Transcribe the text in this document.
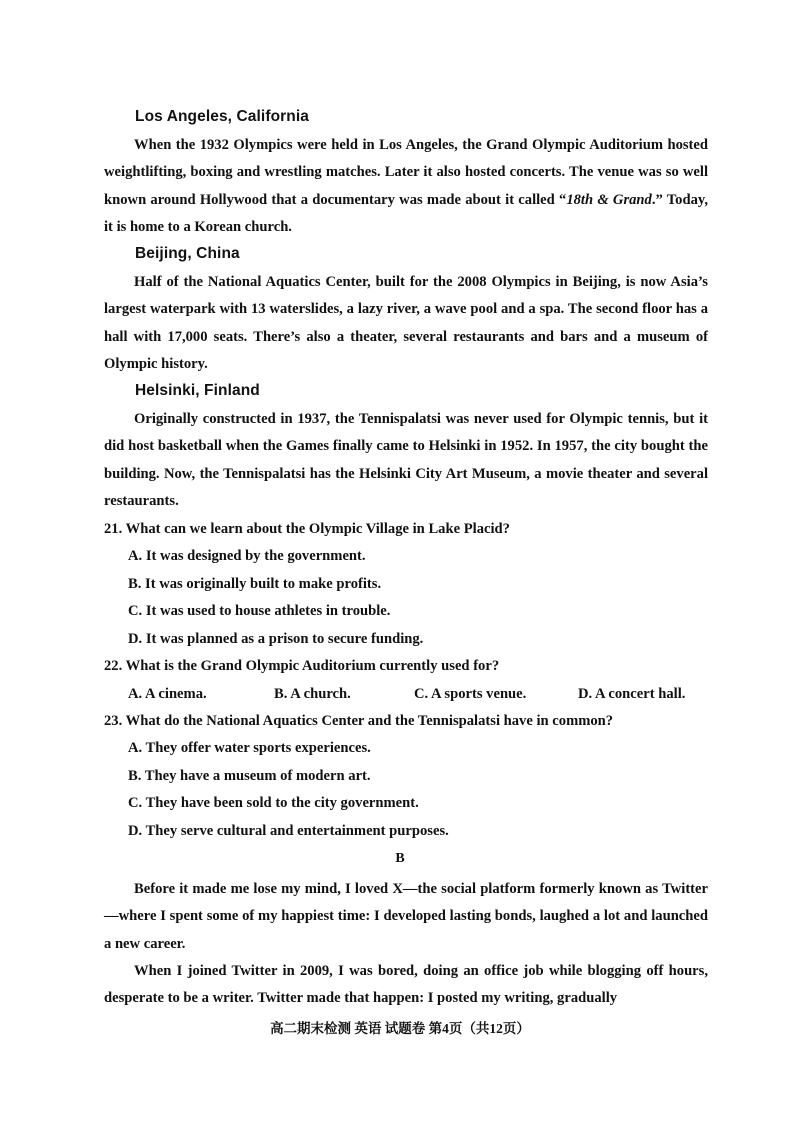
Los Angeles, California
When the 1932 Olympics were held in Los Angeles, the Grand Olympic Auditorium hosted weightlifting, boxing and wrestling matches. Later it also hosted concerts. The venue was so well known around Hollywood that a documentary was made about it called “18th & Grand.” Today, it is home to a Korean church.
Beijing, China
Half of the National Aquatics Center, built for the 2008 Olympics in Beijing, is now Asia’s largest waterpark with 13 waterslides, a lazy river, a wave pool and a spa. The second floor has a hall with 17,000 seats. There’s also a theater, several restaurants and bars and a museum of Olympic history.
Helsinki, Finland
Originally constructed in 1937, the Tennispalatsi was never used for Olympic tennis, but it did host basketball when the Games finally came to Helsinki in 1952. In 1957, the city bought the building. Now, the Tennispalatsi has the Helsinki City Art Museum, a movie theater and several restaurants.
21. What can we learn about the Olympic Village in Lake Placid?
A. It was designed by the government.
B. It was originally built to make profits.
C. It was used to house athletes in trouble.
D. It was planned as a prison to secure funding.
22. What is the Grand Olympic Auditorium currently used for?
A. A cinema.	B. A church.	C. A sports venue.	D. A concert hall.
23. What do the National Aquatics Center and the Tennispalatsi have in common?
A. They offer water sports experiences.
B. They have a museum of modern art.
C. They have been sold to the city government.
D. They serve cultural and entertainment purposes.
B
Before it made me lose my mind, I loved X—the social platform formerly known as Twitter—where I spent some of my happiest time: I developed lasting bonds, laughed a lot and launched a new career.
When I joined Twitter in 2009, I was bored, doing an office job while blogging off hours, desperate to be a writer. Twitter made that happen: I posted my writing, gradually
高二期末检测 英语 试题卷 第4页（共12页）
